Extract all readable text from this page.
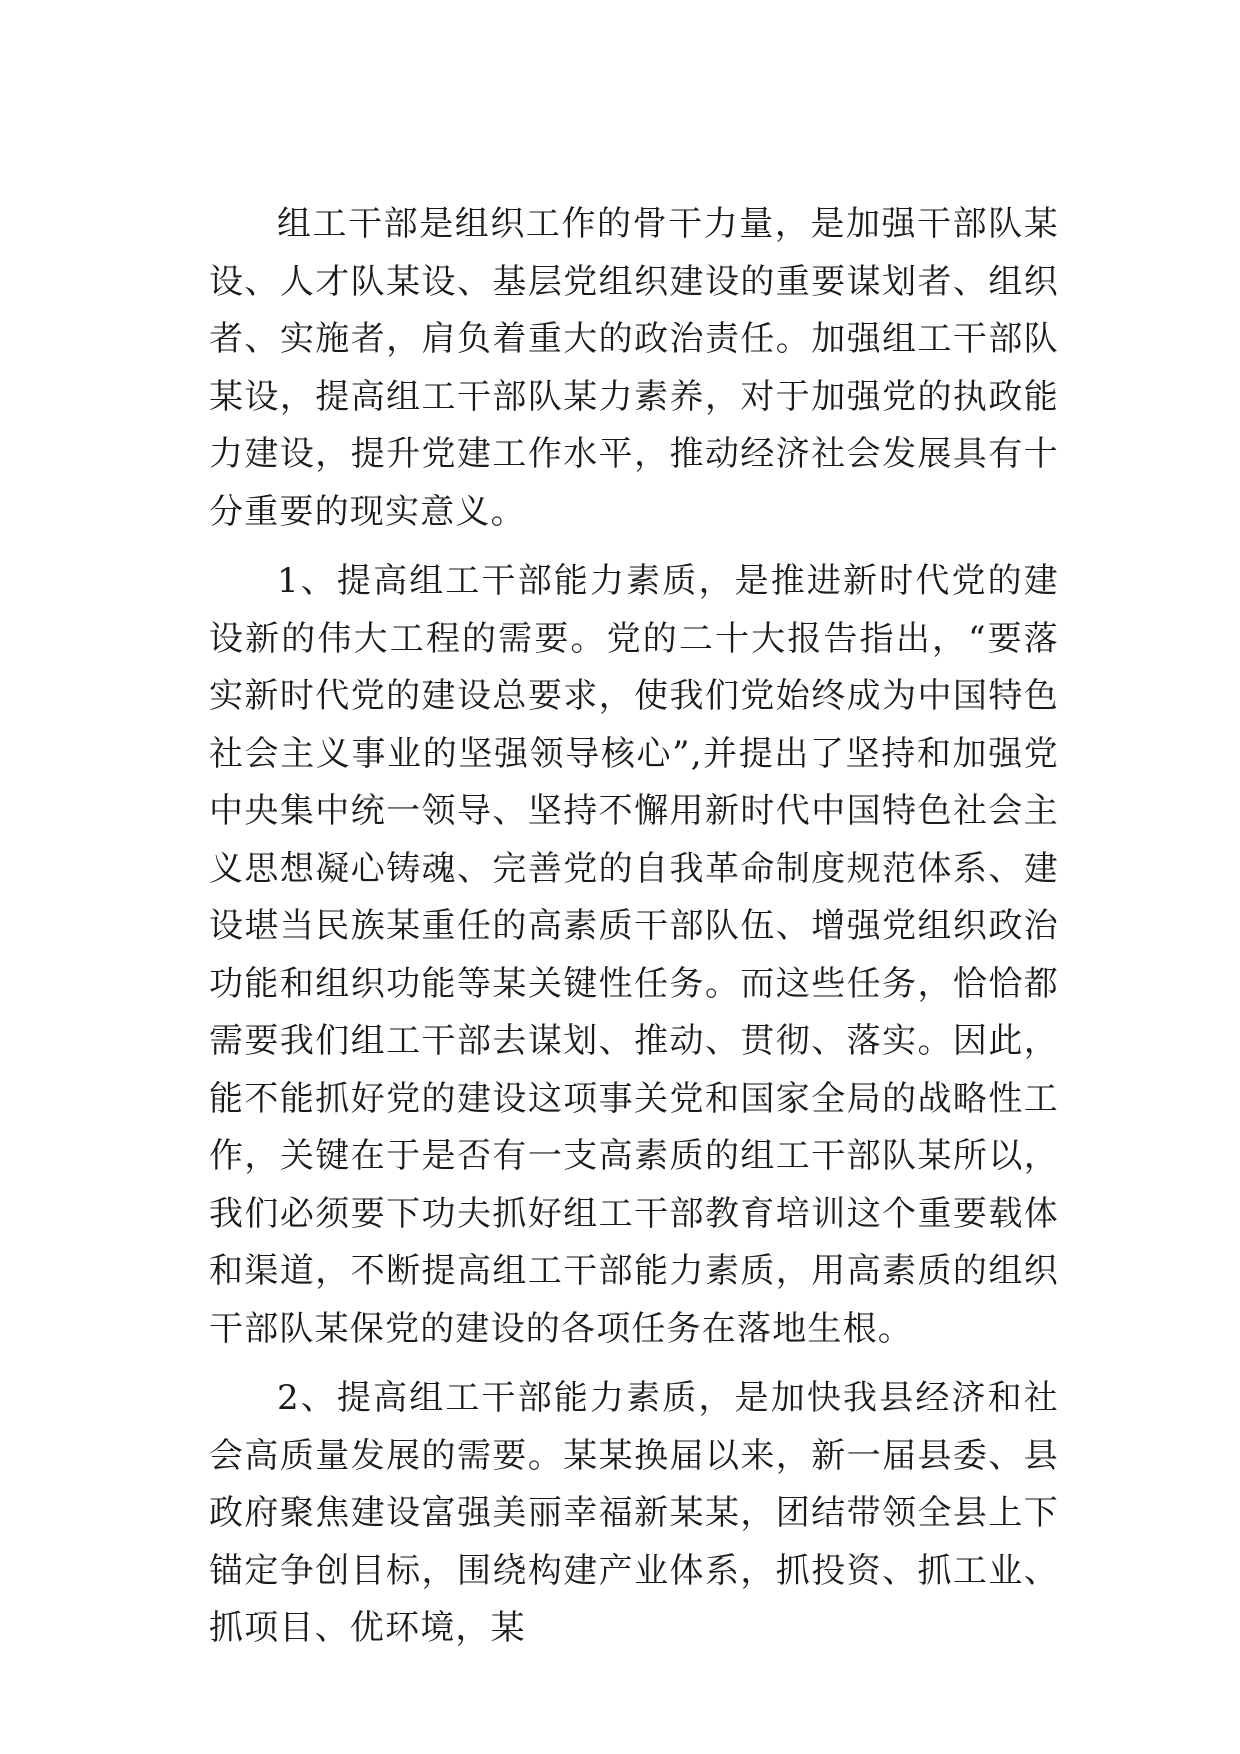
组工干部是组织工作的骨干力量，是加强干部队某设、人才队某设、基层党组织建设的重要谋划者、组织者、实施者，肩负着重大的政治责任。加强组工干部队某设，提高组工干部队某力素养，对于加强党的执政能力建设，提升党建工作水平，推动经济社会发展具有十分重要的现实意义。

1、提高组工干部能力素质，是推进新时代党的建设新的伟大工程的需要。党的二十大报告指出，“要落实新时代党的建设总要求，使我们党始终成为中国特色社会主义事业的坚强领导核心”,并提出了坚持和加强党中央集中统一领导、坚持不懈用新时代中国特色社会主义思想凝心铸魂、完善党的自我革命制度规范体系、建设堪当民族某重任的高素质干部队伍、增强党组织政治功能和组织功能等某关键性任务。而这些任务，恰恰都需要我们组工干部去谋划、推动、贯彻、落实。因此，能不能抓好党的建设这项事关党和国家全局的战略性工作，关键在于是否有一支高素质的组工干部队某所以，我们必须要下功夫抓好组工干部教育培训这个重要载体和渠道，不断提高组工干部能力素质，用高素质的组织干部队某保党的建设的各项任务在落地生根。

2、提高组工干部能力素质，是加快我县经济和社会高质量发展的需要。某某换届以来，新一届县委、县政府聚焦建设富强美丽幸福新某某，团结带领全县上下锚定争创目标，围绕构建产业体系，抓投资、抓工业、抓项目、优环境，某
